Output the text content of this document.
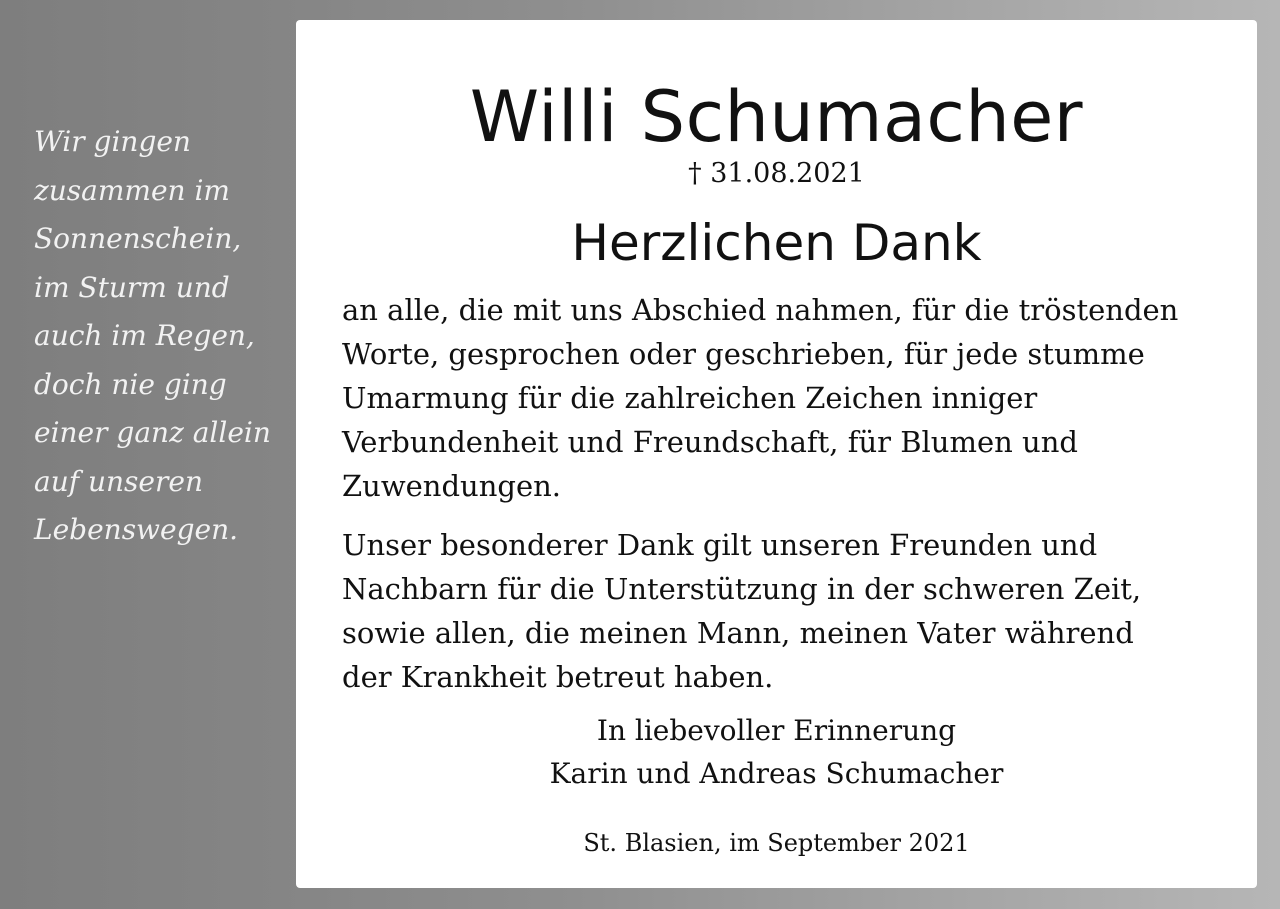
Wir gingen
zusammen im
Sonnenschein,
im Sturm und
auch im Regen,
doch nie ging
einer ganz allein
auf unseren
Lebenswegen.
Willi Schumacher
† 31.08.2021
Herzlichen Dank
an alle, die mit uns Abschied nahmen, für die tröstenden
Worte, gesprochen oder geschrieben, für jede stumme
Umarmung für die zahlreichen Zeichen inniger
Verbundenheit und Freundschaft, für Blumen und
Zuwendungen.
Unser besonderer Dank gilt unseren Freunden und
Nachbarn für die Unterstützung in der schweren Zeit,
sowie allen, die meinen Mann, meinen Vater während
der Krankheit betreut haben.
In liebevoller Erinnerung
Karin und Andreas Schumacher
St. Blasien, im September 2021
